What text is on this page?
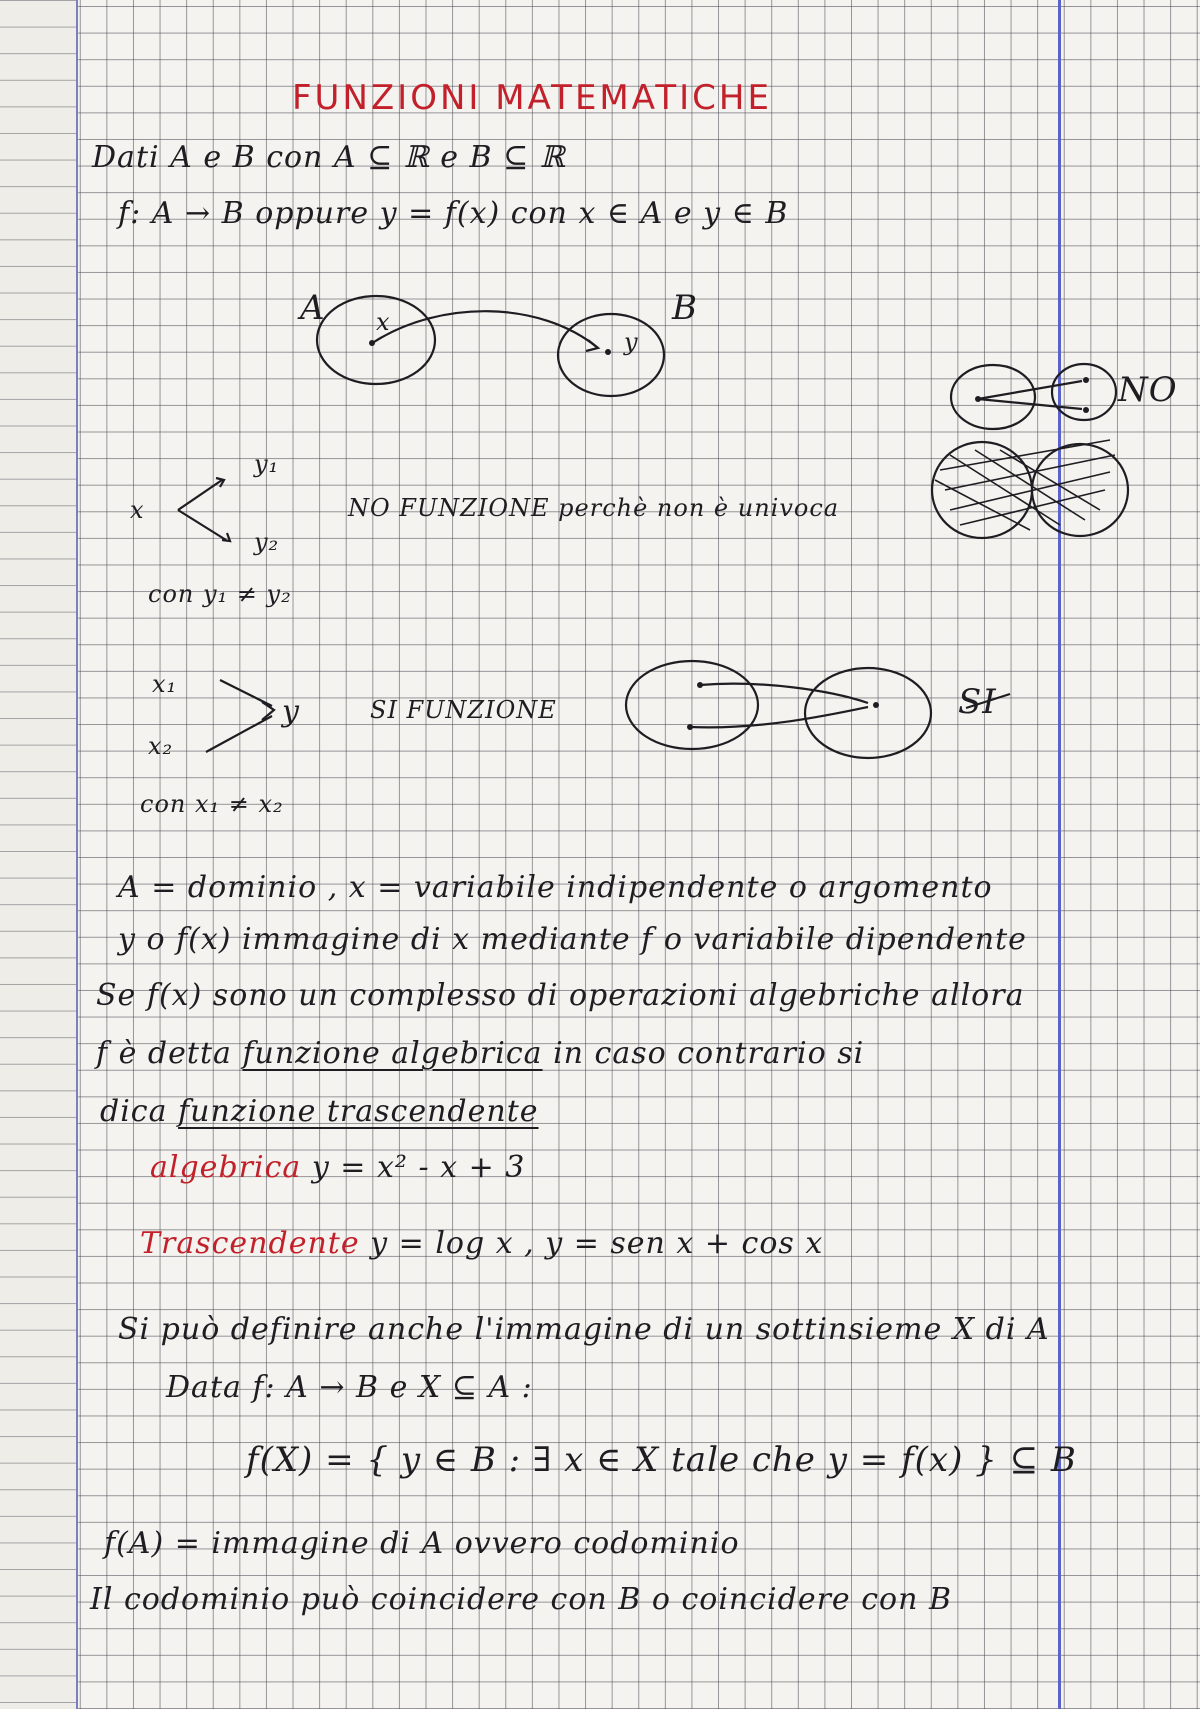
FUNZIONI MATEMATICHE
Dati A e B con A ⊆ ℝ e B ⊆ ℝ
f: A → B oppure y = f(x) con x ∈ A e y ∈ B
A	B
x
y
NO
x
y₁
y₂
NO FUNZIONE perchè non è univoca
con y₁ ≠ y₂
x₁
x₂
y	SI FUNZIONE
con x₁ ≠ x₂
SI
A = dominio , x = variabile indipendente o argomento
y o f(x) immagine di x mediante f o variabile dipendente
Se f(x) sono un complesso di operazioni algebriche allora
f è detta funzione algebrica in caso contrario si
dica funzione trascendente
algebrica y = x² - x + 3
Trascendente y = log x , y = sen x + cos x
Si può definire anche l'immagine di un sottinsieme X di A
Data f: A → B e X ⊆ A :
f(X) = { y ∈ B : ∃ x ∈ X tale che y = f(x) } ⊆ B
f(A) = immagine di A ovvero codominio
Il codominio può coincidere con B o coincidere con B
